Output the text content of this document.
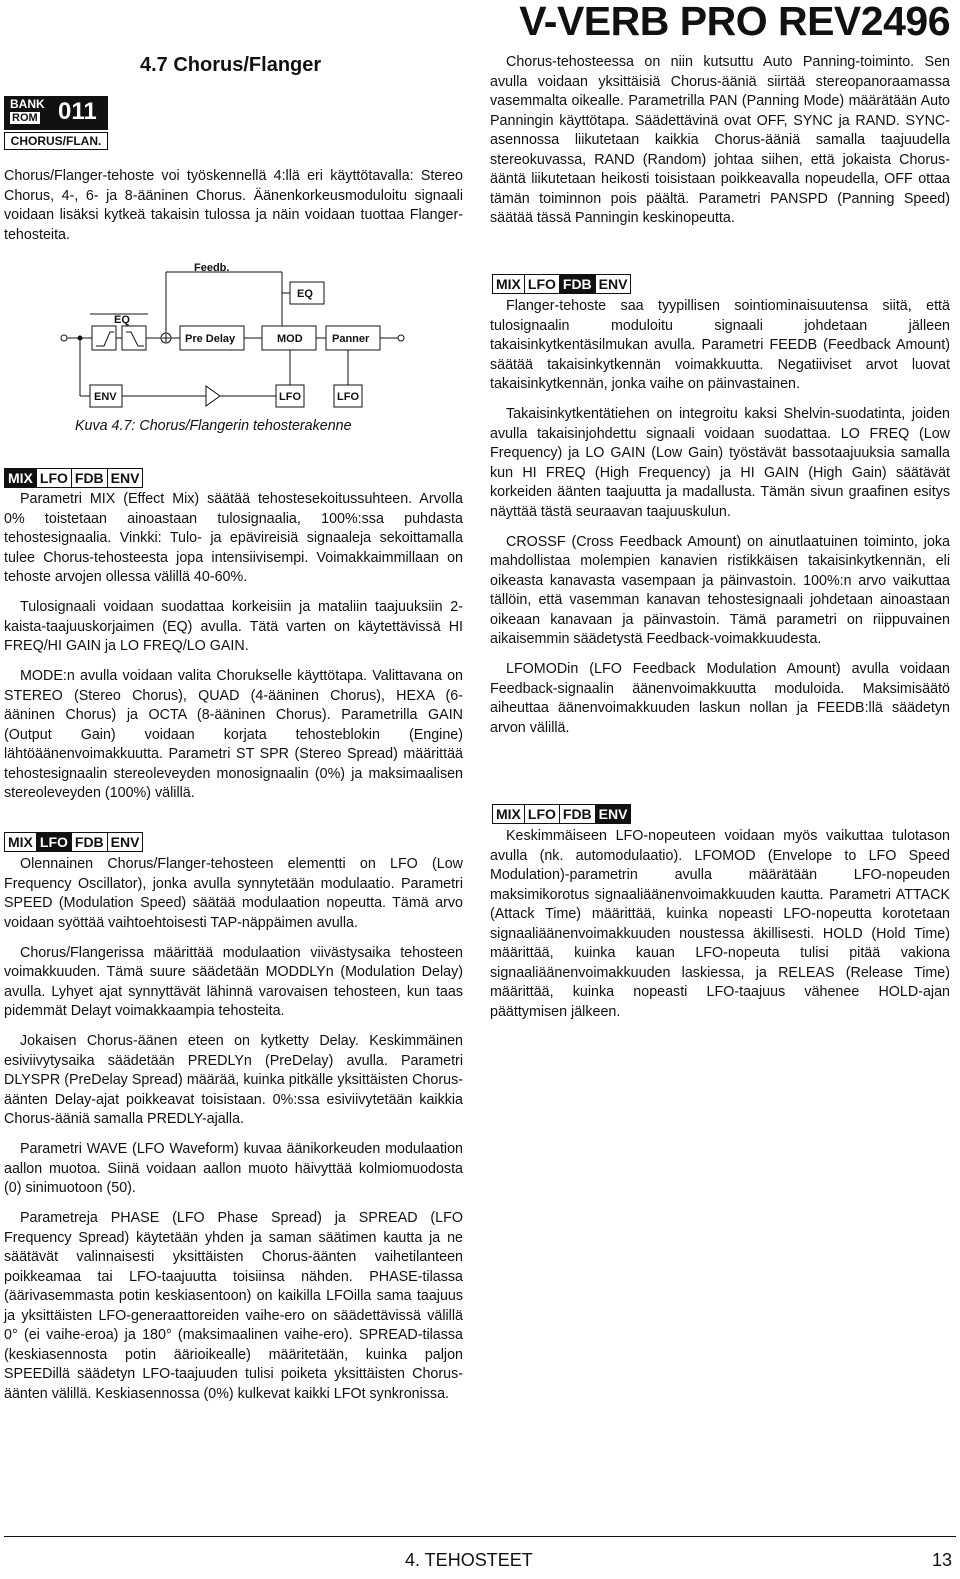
V-VERB PRO REV2496
4.7 Chorus/Flanger
BANK
ROM 011
CHORUS/FLAN.
Chorus/Flanger-tehoste voi työskennellä 4:llä eri käyttötavalla: Stereo Chorus, 4-, 6- ja 8-ääninen Chorus. Äänenkorkeusmoduloitu signaali voidaan lisäksi kytkeä takaisin tulossa ja näin voidaan tuottaa Flanger-tehosteita.
Feedb.
EQ
EQ
Pre Delay	MOD	Panner
ENV	LFO	LFO
Kuva 4.7: Chorus/Flangerin tehosterakenne
MIX LFO FDB ENV

Parametri MIX (Effect Mix) säätää tehostesekoitussuhteen. Arvolla 0% toistetaan ainoastaan tulosignaalia, 100%:ssa puhdasta tehostesignaalia. Vinkki: Tulo- ja epävireisiä signaaleja sekoittamalla tulee Chorus-tehosteesta jopa intensiivisempi. Voimakkaimmillaan on tehoste arvojen ollessa välillä 40-60%.

Tulosignaali voidaan suodattaa korkeisiin ja mataliin taajuuksiin 2-kaista-taajuuskorjaimen (EQ) avulla. Tätä varten on käytettävissä HI FREQ/HI GAIN ja LO FREQ/LO GAIN.

MODE:n avulla voidaan valita Chorukselle käyttötapa. Valittavana on STEREO (Stereo Chorus), QUAD (4-ääninen Chorus), HEXA (6-ääninen Chorus) ja OCTA (8-ääninen Chorus). Parametrilla GAIN (Output Gain) voidaan korjata tehosteblokin (Engine) lähtöäänenvoimakkuutta. Parametri ST SPR (Stereo Spread) määrittää tehostesignaalin stereoleveyden monosignaalin (0%) ja maksimaalisen stereoleveyden (100%) välillä.

MIX LFO FDB ENV

Olennainen Chorus/Flanger-tehosteen elementti on LFO (Low Frequency Oscillator), jonka avulla synnytetään modulaatio. Parametri SPEED (Modulation Speed) säätää modulaation nopeutta. Tämä arvo voidaan syöttää vaihtoehtoisesti TAP-näppäimen avulla.

Chorus/Flangerissa määrittää modulaation viivästysaika tehosteen voimakkuuden. Tämä suure säädetään MODDLYn (Modulation Delay) avulla. Lyhyet ajat synnyttävät lähinnä varovaisen tehosteen, kun taas pidemmät Delayt voimakkaampia tehosteita.

Jokaisen Chorus-äänen eteen on kytketty Delay. Keskimmäinen esiviivytysaika säädetään PREDLYn (PreDelay) avulla. Parametri DLYSPR (PreDelay Spread) määrää, kuinka pitkälle yksittäisten Chorus-äänten Delay-ajat poikkeavat toisistaan. 0%:ssa esiviivytetään kaikkia Chorus-ääniä samalla PREDLY-ajalla.

Parametri WAVE (LFO Waveform) kuvaa äänikorkeuden modulaation aallon muotoa. Siinä voidaan aallon muoto häivyttää kolmiomuodosta (0) sinimuotoon (50).

Parametreja PHASE (LFO Phase Spread) ja SPREAD (LFO Frequency Spread) käytetään yhden ja saman säätimen kautta ja ne säätävät valinnaisesti yksittäisten Chorus-äänten vaihetilanteen poikkeamaa tai LFO-taajuutta toisiinsa nähden. PHASE-tilassa (äärivasemmasta potin keskiasentoon) on kaikilla LFOilla sama taajuus ja yksittäisten LFO-generaattoreiden vaihe-ero on säädettävissä välillä 0° (ei vaihe-eroa) ja 180° (maksimaalinen vaihe-ero). SPREAD-tilassa (keskiasennosta potin äärioikealle) määritetään, kuinka paljon SPEEDillä säädetyn LFO-taajuuden tulisi poiketa yksittäisten Chorus-äänten välillä. Keskiasennossa (0%) kulkevat kaikki LFOt synkronissa.

Chorus-tehosteessa on niin kutsuttu Auto Panning-toiminto. Sen avulla voidaan yksittäisiä Chorus-ääniä siirtää stereopanoraamassa vasemmalta oikealle. Parametrilla PAN (Panning Mode) määrätään Auto Panningin käyttötapa. Säädettävinä ovat OFF, SYNC ja RAND. SYNC-asennossa liikutetaan kaikkia Chorus-ääniä samalla taajuudella stereokuvassa, RAND (Random) johtaa siihen, että jokaista Chorus-ääntä liikutetaan heikosti toisistaan poikkeavalla nopeudella, OFF ottaa tämän toiminnon pois päältä. Parametri PANSPD (Panning Speed) säätää tässä Panningin keskinopeutta.
MIX LFO FDB ENV

Flanger-tehoste saa tyypillisen sointiominaisuutensa siitä, että tulosignaalin moduloitu signaali johdetaan jälleen takaisinkytkentäsilmukan avulla. Parametri FEEDB (Feedback Amount) säätää takaisinkytkennän voimakkuutta. Negatiiviset arvot luovat takaisinkytkennän, jonka vaihe on päinvastainen.

Takaisinkytkentätiehen on integroitu kaksi Shelvin-suodatinta, joiden avulla takaisinjohdettu signaali voidaan suodattaa. LO FREQ (Low Frequency) ja LO GAIN (Low Gain) työstävät bassotaajuuksia samalla kun HI FREQ (High Frequency) ja HI GAIN (High Gain) säätävät korkeiden äänten taajuutta ja madallusta. Tämän sivun graafinen esitys näyttää tästä seuraavan taajuuskulun.

CROSSF (Cross Feedback Amount) on ainutlaatuinen toiminto, joka mahdollistaa molempien kanavien ristikkäisen takaisinkytkennän, eli oikeasta kanavasta vasempaan ja päinvastoin. 100%:n arvo vaikuttaa tällöin, että vasemman kanavan tehostesignaali johdetaan ainoastaan oikeaan kanavaan ja päinvastoin. Tämä parametri on riippuvainen aikaisemmin säädetystä Feedback-voimakkuudesta.

LFOMODin (LFO Feedback Modulation Amount) avulla voidaan Feedback-signaalin äänenvoimakkuutta moduloida. Maksimisäätö aiheuttaa äänenvoimakkuuden laskun nollan ja FEEDB:llä säädetyn arvon välillä.

MIX LFO FDB ENV
Keskimmäiseen LFO-nopeuteen voidaan myös vaikuttaa tulotason avulla (nk. automodulaatio). LFOMOD (Envelope to LFO Speed Modulation)-parametrin avulla määrätään LFO-nopeuden maksimikorotus signaaliäänenvoimakkuuden kautta. Parametri ATTACK (Attack Time) määrittää, kuinka nopeasti LFO-nopeutta korotetaan signaaliäänenvoimakkuuden noustessa äkillisesti. HOLD (Hold Time) määrittää, kuinka kauan LFO-nopeuta tulisi pitää vakiona signaaliäänenvoimakkuuden laskiessa, ja RELEAS (Release Time) määrittää, kuinka nopeasti LFO-taajuus vähenee HOLD-ajan päättymisen jälkeen.
4. TEHOSTEET	13
